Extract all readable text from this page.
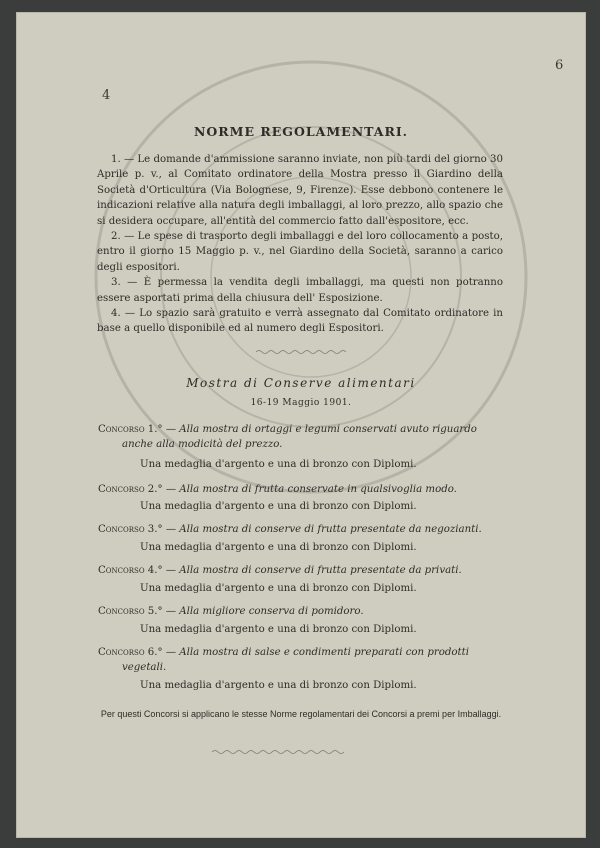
4
6
NORME REGOLAMENTARI.

1. — Le domande d'ammissione saranno inviate, non più tardi del giorno 30 Aprile p. v., al Comitato ordinatore della Mostra presso il Giardino della Società d'Orticultura (Via Bolognese, 9, Firenze). Esse debbono contenere le indicazioni relative alla natura degli imballaggi, al loro prezzo, allo spazio che si desidera occupare, all'entità del commercio fatto dall'espositore, ecc.

2. — Le spese di trasporto degli imballaggi e del loro collocamento a posto, entro il giorno 15 Maggio p. v., nel Giardino della Società, saranno a carico degli espositori.

3. — È permessa la vendita degli imballaggi, ma questi non potranno essere asportati prima della chiusura dell' Esposizione.

4. — Lo spazio sarà gratuito e verrà assegnato dal Comitato ordinatore in base a quello disponibile ed al numero degli Espositori.

Mostra di Conserve alimentari
16-19 Maggio 1901.
Concorso 1.° — Alla mostra di ortaggi e legumi conservati avuto riguardo
anche alla modicità del prezzo.
Una medaglia d'argento e una di bronzo con Diplomi.
Concorso 2.° — Alla mostra di frutta conservate in qualsivoglia modo.
Una medaglia d'argento e una di bronzo con Diplomi.
Concorso 3.° — Alla mostra di conserve di frutta presentate da negozianti.
Una medaglia d'argento e una di bronzo con Diplomi.
Concorso 4.° — Alla mostra di conserve di frutta presentate da privati.
Una medaglia d'argento e una di bronzo con Diplomi.
Concorso 5.° — Alla migliore conserva di pomidoro.
Una medaglia d'argento e una di bronzo con Diplomi.
Concorso 6.° — Alla mostra di salse e condimenti preparati con prodotti
vegetali.
Una medaglia d'argento e una di bronzo con Diplomi.
Per questi Concorsi si applicano le stesse Norme regolamentari dei Concorsi a premi per Imballaggi.
